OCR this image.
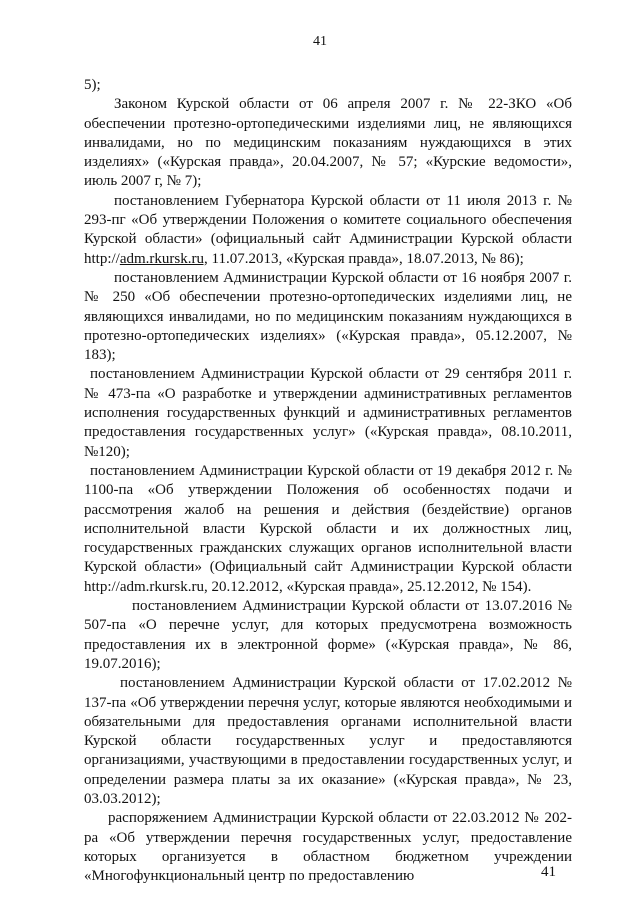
41

5);

Законом Курской области от 06 апреля 2007 г. № 22-ЗКО «Об обеспечении протезно-ортопедическими изделиями лиц, не являющихся инвалидами, но по медицинским показаниям нуждающихся в этих изделиях» («Курская правда», 20.04.2007, № 57; «Курские ведомости», июль 2007 г, № 7);

постановлением Губернатора Курской области от 11 июля 2013 г. № 293-пг «Об утверждении Положения о комитете социального обеспечения Курской области» (официальный сайт Администрации Курской области http://adm.rkursk.ru, 11.07.2013, «Курская правда», 18.07.2013, № 86);

постановлением Администрации Курской области от 16 ноября 2007 г. № 250 «Об обеспечении протезно-ортопедических изделиями лиц, не являющихся инвалидами, но по медицинским показаниям нуждающихся в протезно-ортопедических изделиях» («Курская правда», 05.12.2007, № 183);

постановлением Администрации Курской области от 29 сентября 2011 г. № 473-па «О разработке и утверждении административных регламентов исполнения государственных функций и административных регламентов предоставления государственных услуг» («Курская правда», 08.10.2011, №120);

постановлением Администрации Курской области от 19 декабря 2012 г. № 1100-па «Об утверждении Положения об особенностях подачи и рассмотрения жалоб на решения и действия (бездействие) органов исполнительной власти Курской области и их должностных лиц, государственных гражданских служащих органов исполнительной власти Курской области» (Официальный сайт Администрации Курской области http://adm.rkursk.ru, 20.12.2012, «Курская правда», 25.12.2012, № 154).

постановлением Администрации Курской области от 13.07.2016 № 507-па «О перечне услуг, для которых предусмотрена возможность предоставления их в электронной форме» («Курская правда», № 86, 19.07.2016);

постановлением Администрации Курской области от 17.02.2012 № 137-па «Об утверждении перечня услуг, которые являются необходимыми и обязательными для предоставления органами исполнительной власти Курской области государственных услуг и предоставляются организациями, участвующими в предоставлении государственных услуг, и определении размера платы за их оказание» («Курская правда», № 23, 03.03.2012);

распоряжением Администрации Курской области от 22.03.2012 № 202-ра «Об утверждении перечня государственных услуг, предоставление которых организуется в областном бюджетном учреждении «Многофункциональный центр по предоставлению	41
